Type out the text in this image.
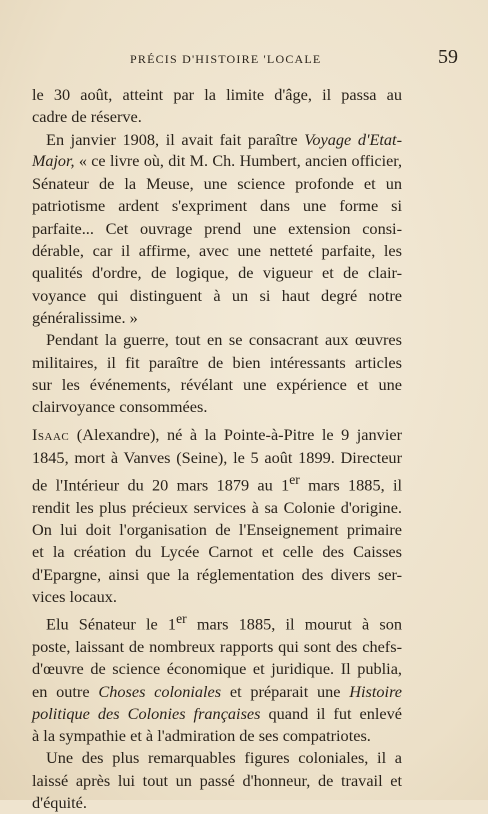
PRÉCIS D'HISTOIRE 'LOCALE	59

le 30 août, atteint par la limite d'âge, il passa au
cadre de réserve.

En janvier 1908, il avait fait paraître Voyage d'Etat-
Major, « ce livre où, dit M. Ch. Humbert, ancien officier,
Sénateur de la Meuse, une science profonde et un
patriotisme ardent s'expriment dans une forme si
parfaite... Cet ouvrage prend une extension consi-
dérable, car il affirme, avec une netteté parfaite, les
qualités d'ordre, de logique, de vigueur et de clair-
voyance qui distinguent à un si haut degré notre
généralissime. »

Pendant la guerre, tout en se consacrant aux œuvres
militaires, il fit paraître de bien intéressants articles
sur les événements, révélant une expérience et une
clairvoyance consommées.

Isaac (Alexandre), né à la Pointe-à-Pitre le 9 janvier
1845, mort à Vanves (Seine), le 5 août 1899. Directeur
de l'Intérieur du 20 mars 1879 au 1er mars 1885, il
rendit les plus précieux services à sa Colonie d'origine.
On lui doit l'organisation de l'Enseignement primaire
et la création du Lycée Carnot et celle des Caisses
d'Epargne, ainsi que la réglementation des divers ser-
vices locaux.

Elu Sénateur le 1er mars 1885, il mourut à son
poste, laissant de nombreux rapports qui sont des chefs-
d'œuvre de science économique et juridique. Il publia,
en outre Choses coloniales et préparait une Histoire
politique des Colonies françaises quand il fut enlevé
à la sympathie et à l'admiration de ses compatriotes.

Une des plus remarquables figures coloniales, il a
laissé après lui tout un passé d'honneur, de travail et
d'équité.
